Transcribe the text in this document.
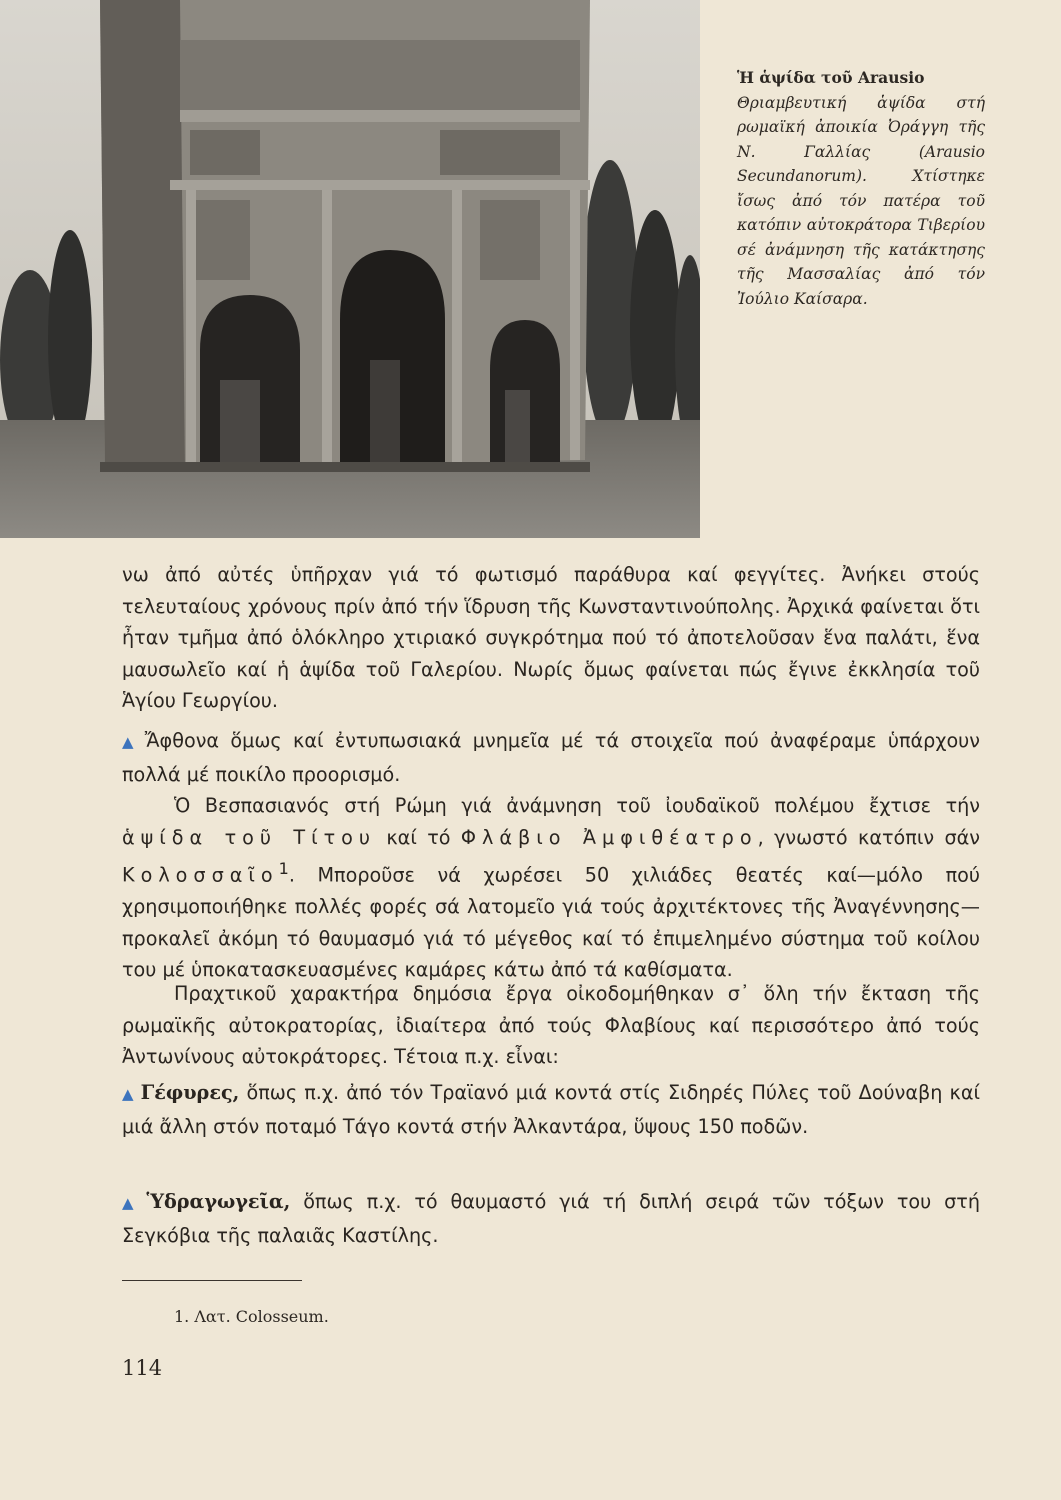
Ἡ ἁψίδα τοῦ Arausio
Θριαμβευτική ἁψίδα στή ρωμαϊκή ἀποικία Ὀράγγη τῆς Ν. Γαλλίας (Arausio Secundanorum). Χτίστηκε ἴσως ἀπό τόν πατέρα τοῦ κατόπιν αὐτοκράτορα Τιβερίου σέ ἀνάμνηση τῆς κατάκτησης τῆς Μασσαλίας ἀπό τόν Ἰούλιο Καίσαρα.

νω ἀπό αὐτές ὑπῆρχαν γιά τό φωτισμό παράθυρα καί φεγγίτες. Ἀνήκει στούς τελευταίους χρόνους πρίν ἀπό τήν ἵδρυση τῆς Κωνσταντινούπολης. Ἀρχικά φαίνεται ὅτι ἦταν τμῆμα ἀπό ὁλόκληρο χτιριακό συγκρότημα πού τό ἀποτελοῦσαν ἕνα παλάτι, ἕνα μαυσωλεῖο καί ἡ ἁψίδα τοῦ Γαλερίου. Νωρίς ὅμως φαίνεται πώς ἔγινε ἐκκλησία τοῦ Ἁγίου Γεωργίου.

▲ Ἄφθονα ὅμως καί ἐντυπωσιακά μνημεῖα μέ τά στοιχεῖα πού ἀναφέραμε ὑπάρχουν πολλά μέ ποικίλο προορισμό.

Ὁ Βεσπασιανός στή Ρώμη γιά ἀνάμνηση τοῦ ἰουδαϊκοῦ πολέμου ἔχτισε τήν ἁψίδα τοῦ Τίτου καί τό Φλάβιο Ἀμφιθέατρο, γνωστό κατόπιν σάν Κολοσσαῖο$^1$. Μποροῦσε νά χωρέσει 50 χιλιάδες θεατές καί—μόλο πού χρησιμοποιήθηκε πολλές φορές σά λατομεῖο γιά τούς ἀρχιτέκτονες τῆς Ἀναγέννησης—προκαλεῖ ἀκόμη τό θαυμασμό γιά τό μέγεθος καί τό ἐπιμελημένο σύστημα τοῦ κοίλου του μέ ὑποκατασκευασμένες καμάρες κάτω ἀπό τά καθίσματα.

Πραχτικοῦ χαρακτήρα δημόσια ἔργα οἰκοδομήθηκαν σ᾽ ὅλη τήν ἔκταση τῆς ρωμαϊκῆς αὐτοκρατορίας, ἰδιαίτερα ἀπό τούς Φλαβίους καί περισσότερο ἀπό τούς Ἀντωνίνους αὐτοκράτορες. Τέτοια π.χ. εἶναι:

▲ Γέφυρες, ὅπως π.χ. ἀπό τόν Τραϊανό μιά κοντά στίς Σιδηρές Πύλες τοῦ Δούναβη καί μιά ἄλλη στόν ποταμό Τάγο κοντά στήν Ἀλκαντάρα, ὕψους 150 ποδῶν.

▲ Ὑδραγωγεῖα, ὅπως π.χ. τό θαυμαστό γιά τή διπλή σειρά τῶν τόξων του στή Σεγκόβια τῆς παλαιᾶς Καστίλης.

1. Λατ. Colosseum.
114
